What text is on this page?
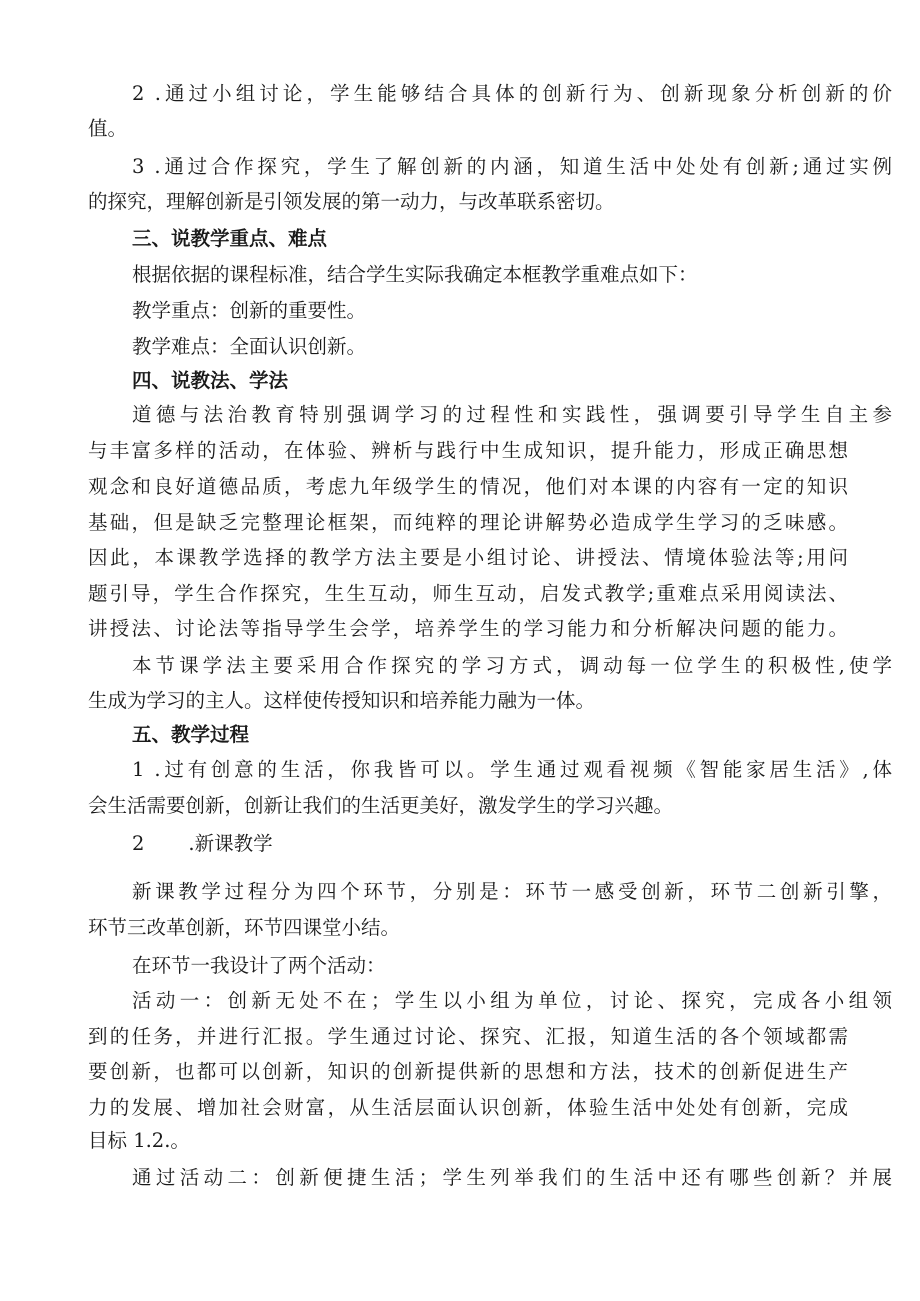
2 .通过小组讨论，学生能够结合具体的创新行为、创新现象分析创新的价
值。
3 .通过合作探究，学生了解创新的内涵，知道生活中处处有创新;通过实例
的探究，理解创新是引领发展的第一动力，与改革联系密切。
三、说教学重点、难点
根据依据的课程标准，结合学生实际我确定本框教学重难点如下：
教学重点：创新的重要性。
教学难点：全面认识创新。
四、说教法、学法
道德与法治教育特别强调学习的过程性和实践性，强调要引导学生自主参
与丰富多样的活动，在体验、辨析与践行中生成知识，提升能力，形成正确思想
观念和良好道德品质，考虑九年级学生的情况，他们对本课的内容有一定的知识
基础，但是缺乏完整理论框架，而纯粹的理论讲解势必造成学生学习的乏味感。
因此，本课教学选择的教学方法主要是小组讨论、讲授法、情境体验法等;用问
题引导，学生合作探究，生生互动，师生互动，启发式教学;重难点采用阅读法、
讲授法、讨论法等指导学生会学，培养学生的学习能力和分析解决问题的能力。
本节课学法主要采用合作探究的学习方式，调动每一位学生的积极性,使学
生成为学习的主人。这样使传授知识和培养能力融为一体。
五、教学过程
1 .过有创意的生活，你我皆可以。学生通过观看视频《智能家居生活》,体
会生活需要创新，创新让我们的生活更美好，激发学生的学习兴趣。
2 .新课教学
新课教学过程分为四个环节，分别是：环节一感受创新，环节二创新引擎，
环节三改革创新，环节四课堂小结。
在环节一我设计了两个活动：
活动一：创新无处不在；学生以小组为单位，讨论、探究，完成各小组领
到的任务，并进行汇报。学生通过讨论、探究、汇报，知道生活的各个领域都需
要创新，也都可以创新，知识的创新提供新的思想和方法，技术的创新促进生产
力的发展、增加社会财富，从生活层面认识创新，体验生活中处处有创新，完成
目标 1.2.。
通过活动二：创新便捷生活；学生列举我们的生活中还有哪些创新？并展
